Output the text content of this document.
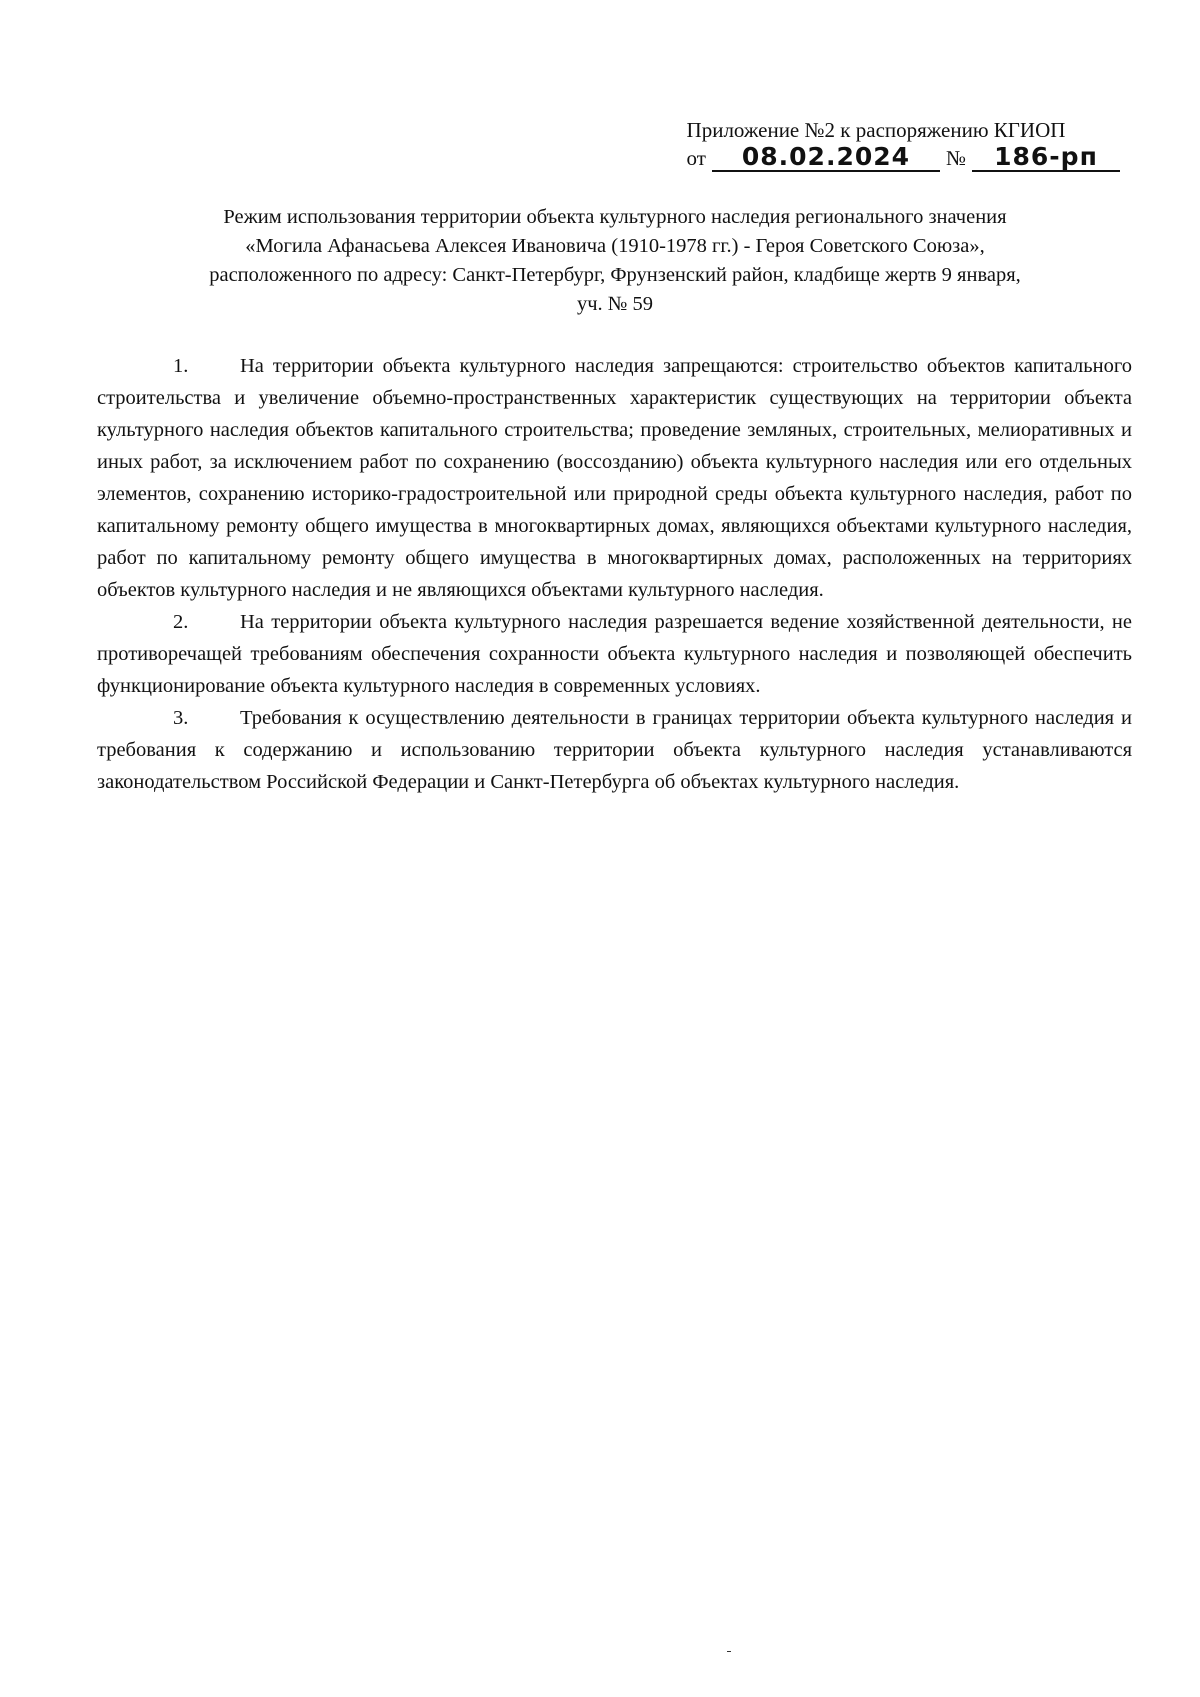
Приложение №2 к распоряжению КГИОП
от	08.02.2024	№	186-рп
Режим использования территории объекта культурного наследия регионального значения
«Могила Афанасьева Алексея Ивановича (1910-1978 гг.) - Героя Советского Союза»,
расположенного по адресу: Санкт-Петербург, Фрунзенский район, кладбище жертв 9 января,
уч. № 59

1.	На территории объекта культурного наследия запрещаются: строительство объектов капитального строительства и увеличение объемно-пространственных характеристик существующих на территории объекта культурного наследия объектов капитального строительства; проведение земляных, строительных, мелиоративных и иных работ, за исключением работ по сохранению (воссозданию) объекта культурного наследия или его отдельных элементов, сохранению историко-градостроительной или природной среды объекта культурного наследия, работ по капитальному ремонту общего имущества в многоквартирных домах, являющихся объектами культурного наследия, работ по капитальному ремонту общего имущества в многоквартирных домах, расположенных на территориях объектов культурного наследия и не являющихся объектами культурного наследия.

2.	На территории объекта культурного наследия разрешается ведение хозяйственной деятельности, не противоречащей требованиям обеспечения сохранности объекта культурного наследия и позволяющей обеспечить функционирование объекта культурного наследия в современных условиях.

3.	Требования к осуществлению деятельности в границах территории объекта культурного наследия и требования к содержанию и использованию территории объекта культурного наследия устанавливаются законодательством Российской Федерации и Санкт-Петербурга об объектах культурного наследия.
